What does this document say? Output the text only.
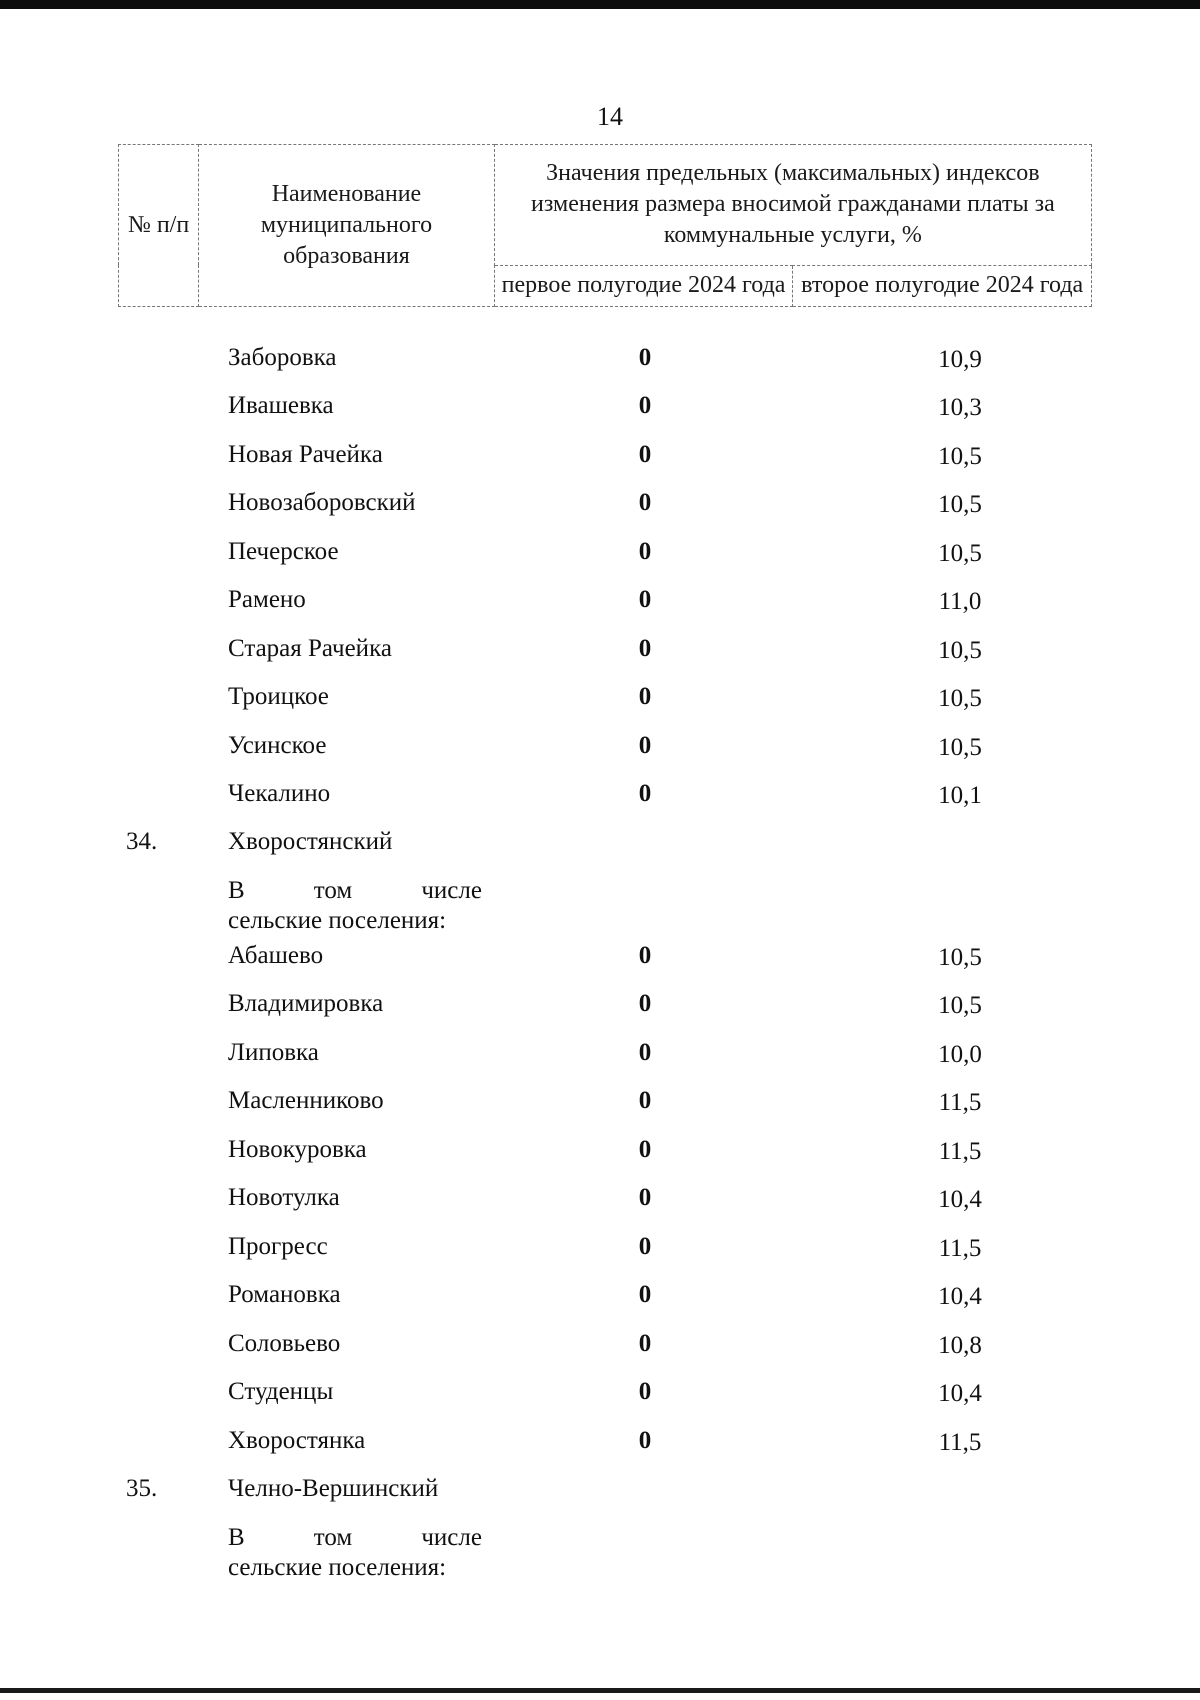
14
№ п/п	Наименование муниципального образования	Значения предельных (максимальных) индексов изменения размера вносимой гражданами платы за коммунальные услуги, %	
		первое полугодие 2024 года	второе полугодие 2024 года
Заборовка	0	10,9
Ивашевка	0	10,3
Новая Рачейка	0	10,5
Новозаборовский	0	10,5
Печерское	0	10,5
Рамено	0	11,0
Старая Рачейка	0	10,5
Троицкое	0	10,5
Усинское	0	10,5
Чекалино	0	10,1
34.	Хворостянский
В	том	числе
сельские поселения:
Абашево	0	10,5
Владимировка	0	10,5
Липовка	0	10,0
Масленниково	0	11,5
Новокуровка	0	11,5
Новотулка	0	10,4
Прогресс	0	11,5
Романовка	0	10,4
Соловьево	0	10,8
Студенцы	0	10,4
Хворостянка	0	11,5
35.	Челно-Вершинский
В	том	числе
сельские поселения:
